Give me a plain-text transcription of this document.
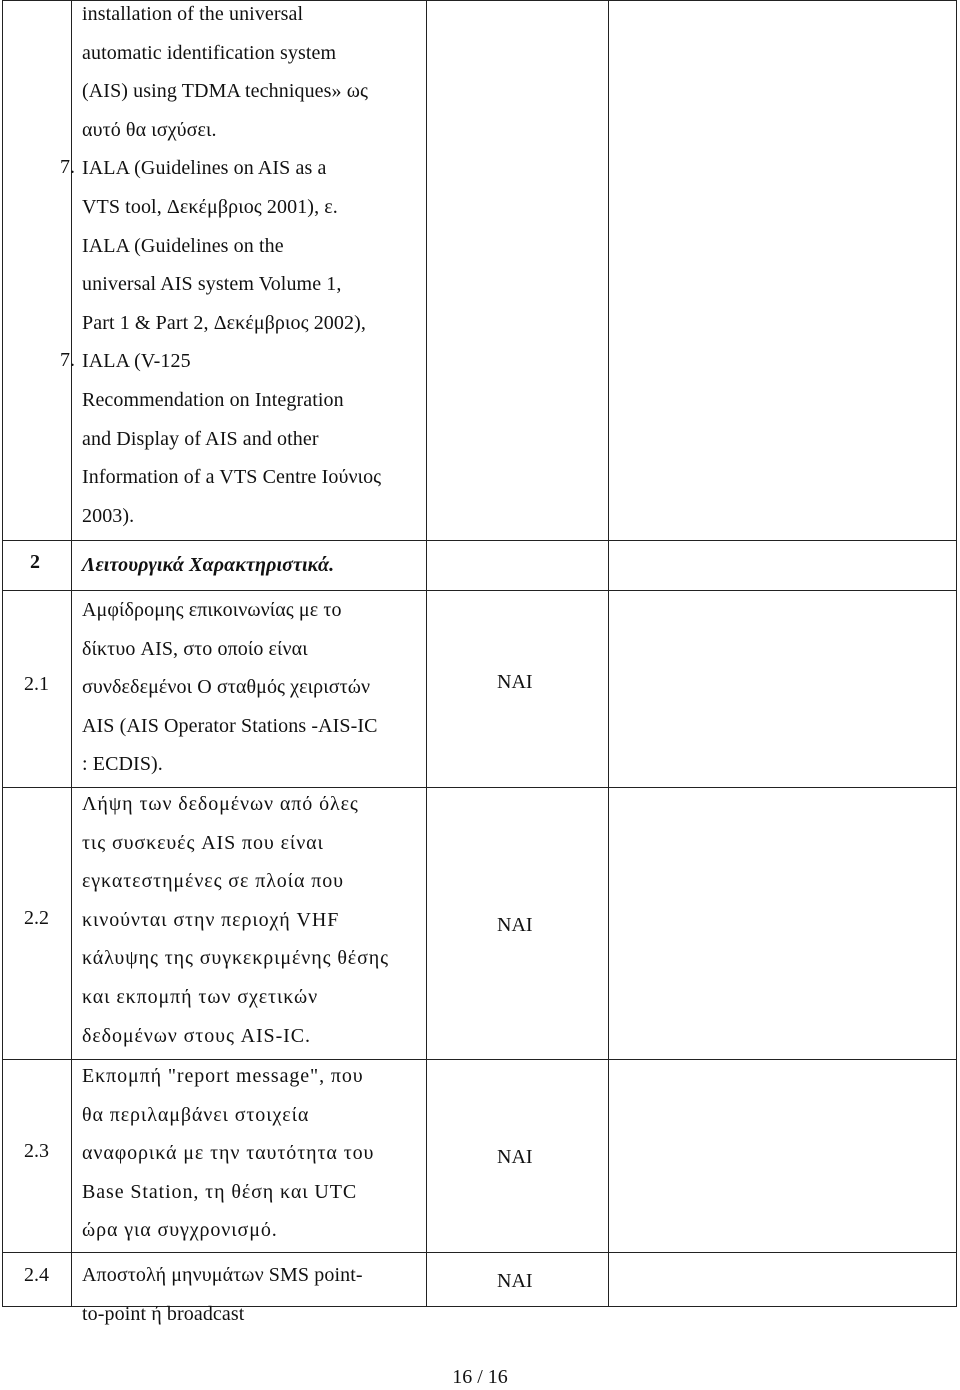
installation of the universal
automatic identification system
(AIS) using TDMA techniques» ως
αυτό θα ισχύσει.
IALA (Guidelines on AIS as a
VTS tool, Δεκέμβριος 2001), ε.
IALA (Guidelines on the
universal AIS system Volume 1,
Part 1 & Part 2, Δεκέμβριος 2002),
IALA (V-125
Recommendation on Integration
and Display of AIS and other
Information of a VTS Centre Ιούνιος
2003).
7.
7.
2 Λειτουργικά Χαρακτηριστικά.
2.1
Αμφίδρομης επικοινωνίας με το
δίκτυο AIS, στο οποίο είναι
συνδεδεμένοι Ο σταθμός χειριστών
AIS (AIS Operator Stations -AIS-IC
: ECDIS).
ΝΑΙ
2.2
Λήψη των δεδομένων από όλες
τις συσκευές AIS που είναι
εγκατεστημένες σε πλοία που
κινούνται στην περιοχή VHF
κάλυψης της συγκεκριμένης θέσης
και εκπομπή των σχετικών
δεδομένων στους AIS-IC.
ΝΑΙ
2.3
Εκπομπή "report message", που
θα περιλαμβάνει στοιχεία
αναφορικά με την ταυτότητα του
Base Station, τη θέση και UTC
ώρα για συγχρονισμό.
ΝΑΙ
2.4 Αποστολή μηνυμάτων SMS point-
to-point ή broadcast
ΝΑΙ
16 / 16
